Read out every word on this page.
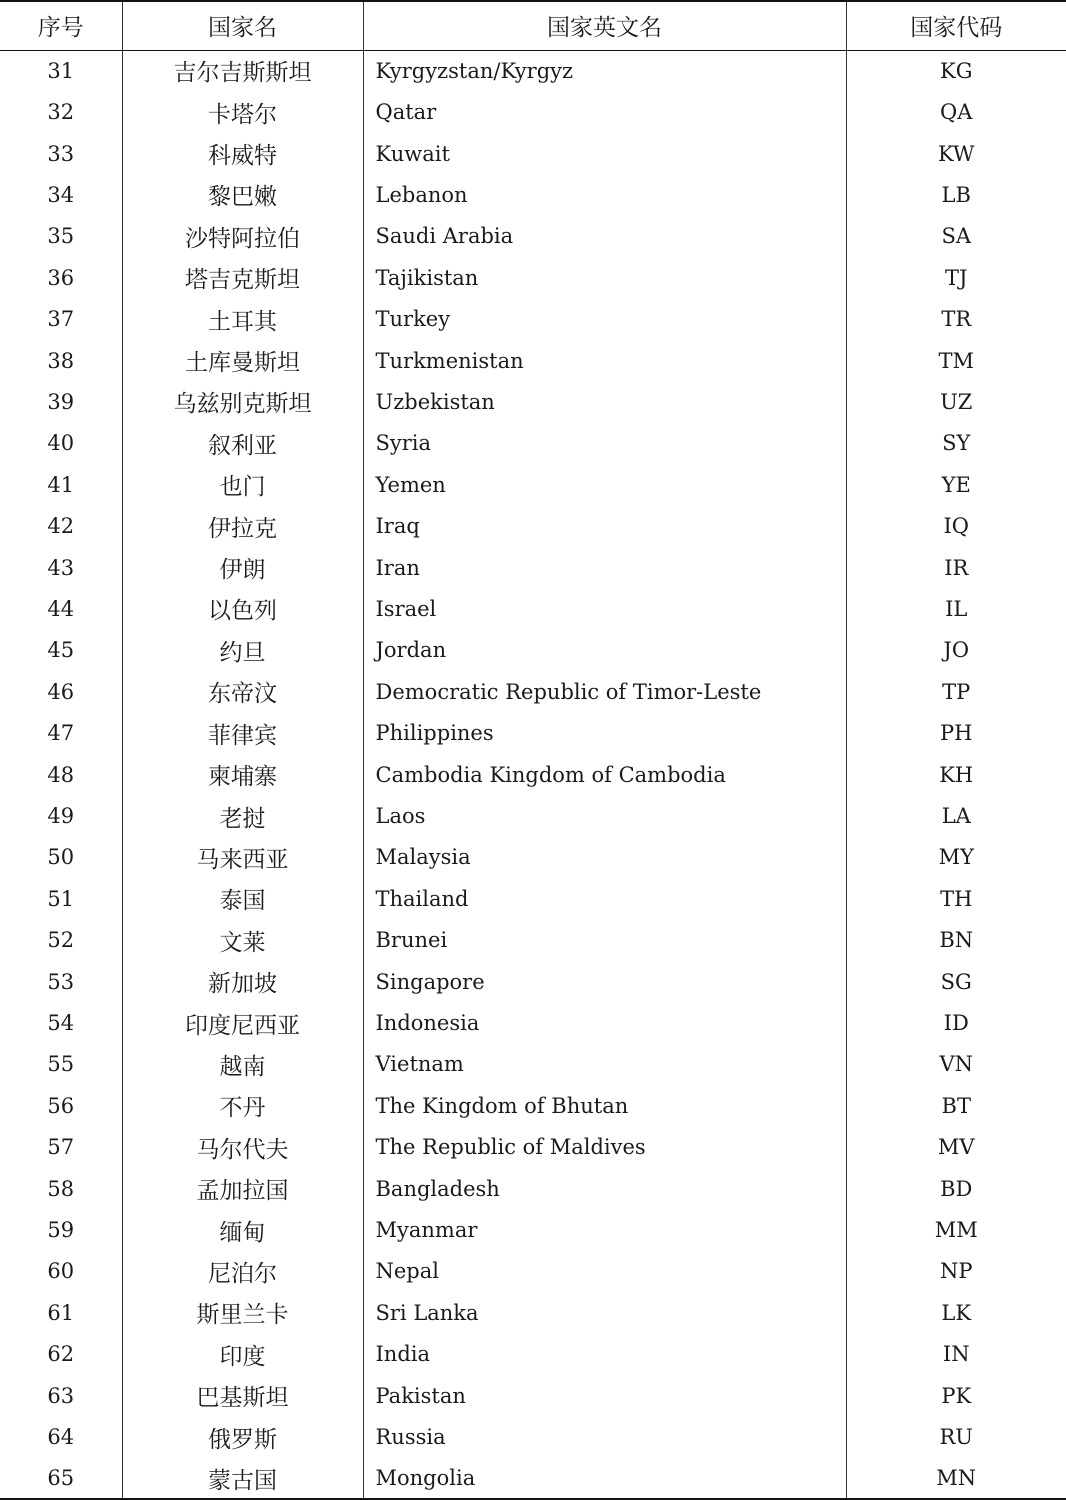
序号	国家名	国家英文名	国家代码
31	吉尔吉斯斯坦	Kyrgyzstan/Kyrgyz	KG
32	卡塔尔	Qatar	QA
33	科威特	Kuwait	KW
34	黎巴嫩	Lebanon	LB
35	沙特阿拉伯	Saudi Arabia	SA
36	塔吉克斯坦	Tajikistan	TJ
37	土耳其	Turkey	TR
38	土库曼斯坦	Turkmenistan	TM
39	乌兹别克斯坦	Uzbekistan	UZ
40	叙利亚	Syria	SY
41	也门	Yemen	YE
42	伊拉克	Iraq	IQ
43	伊朗	Iran	IR
44	以色列	Israel	IL
45	约旦	Jordan	JO
46	东帝汶	Democratic Republic of Timor-Leste	TP
47	菲律宾	Philippines	PH
48	柬埔寨	Cambodia Kingdom of Cambodia	KH
49	老挝	Laos	LA
50	马来西亚	Malaysia	MY
51	泰国	Thailand	TH
52	文莱	Brunei	BN
53	新加坡	Singapore	SG
54	印度尼西亚	Indonesia	ID
55	越南	Vietnam	VN
56	不丹	The Kingdom of Bhutan	BT
57	马尔代夫	The Republic of Maldives	MV
58	孟加拉国	Bangladesh	BD
59	缅甸	Myanmar	MM
60	尼泊尔	Nepal	NP
61	斯里兰卡	Sri Lanka	LK
62	印度	India	IN
63	巴基斯坦	Pakistan	PK
64	俄罗斯	Russia	RU
65	蒙古国	Mongolia	MN
